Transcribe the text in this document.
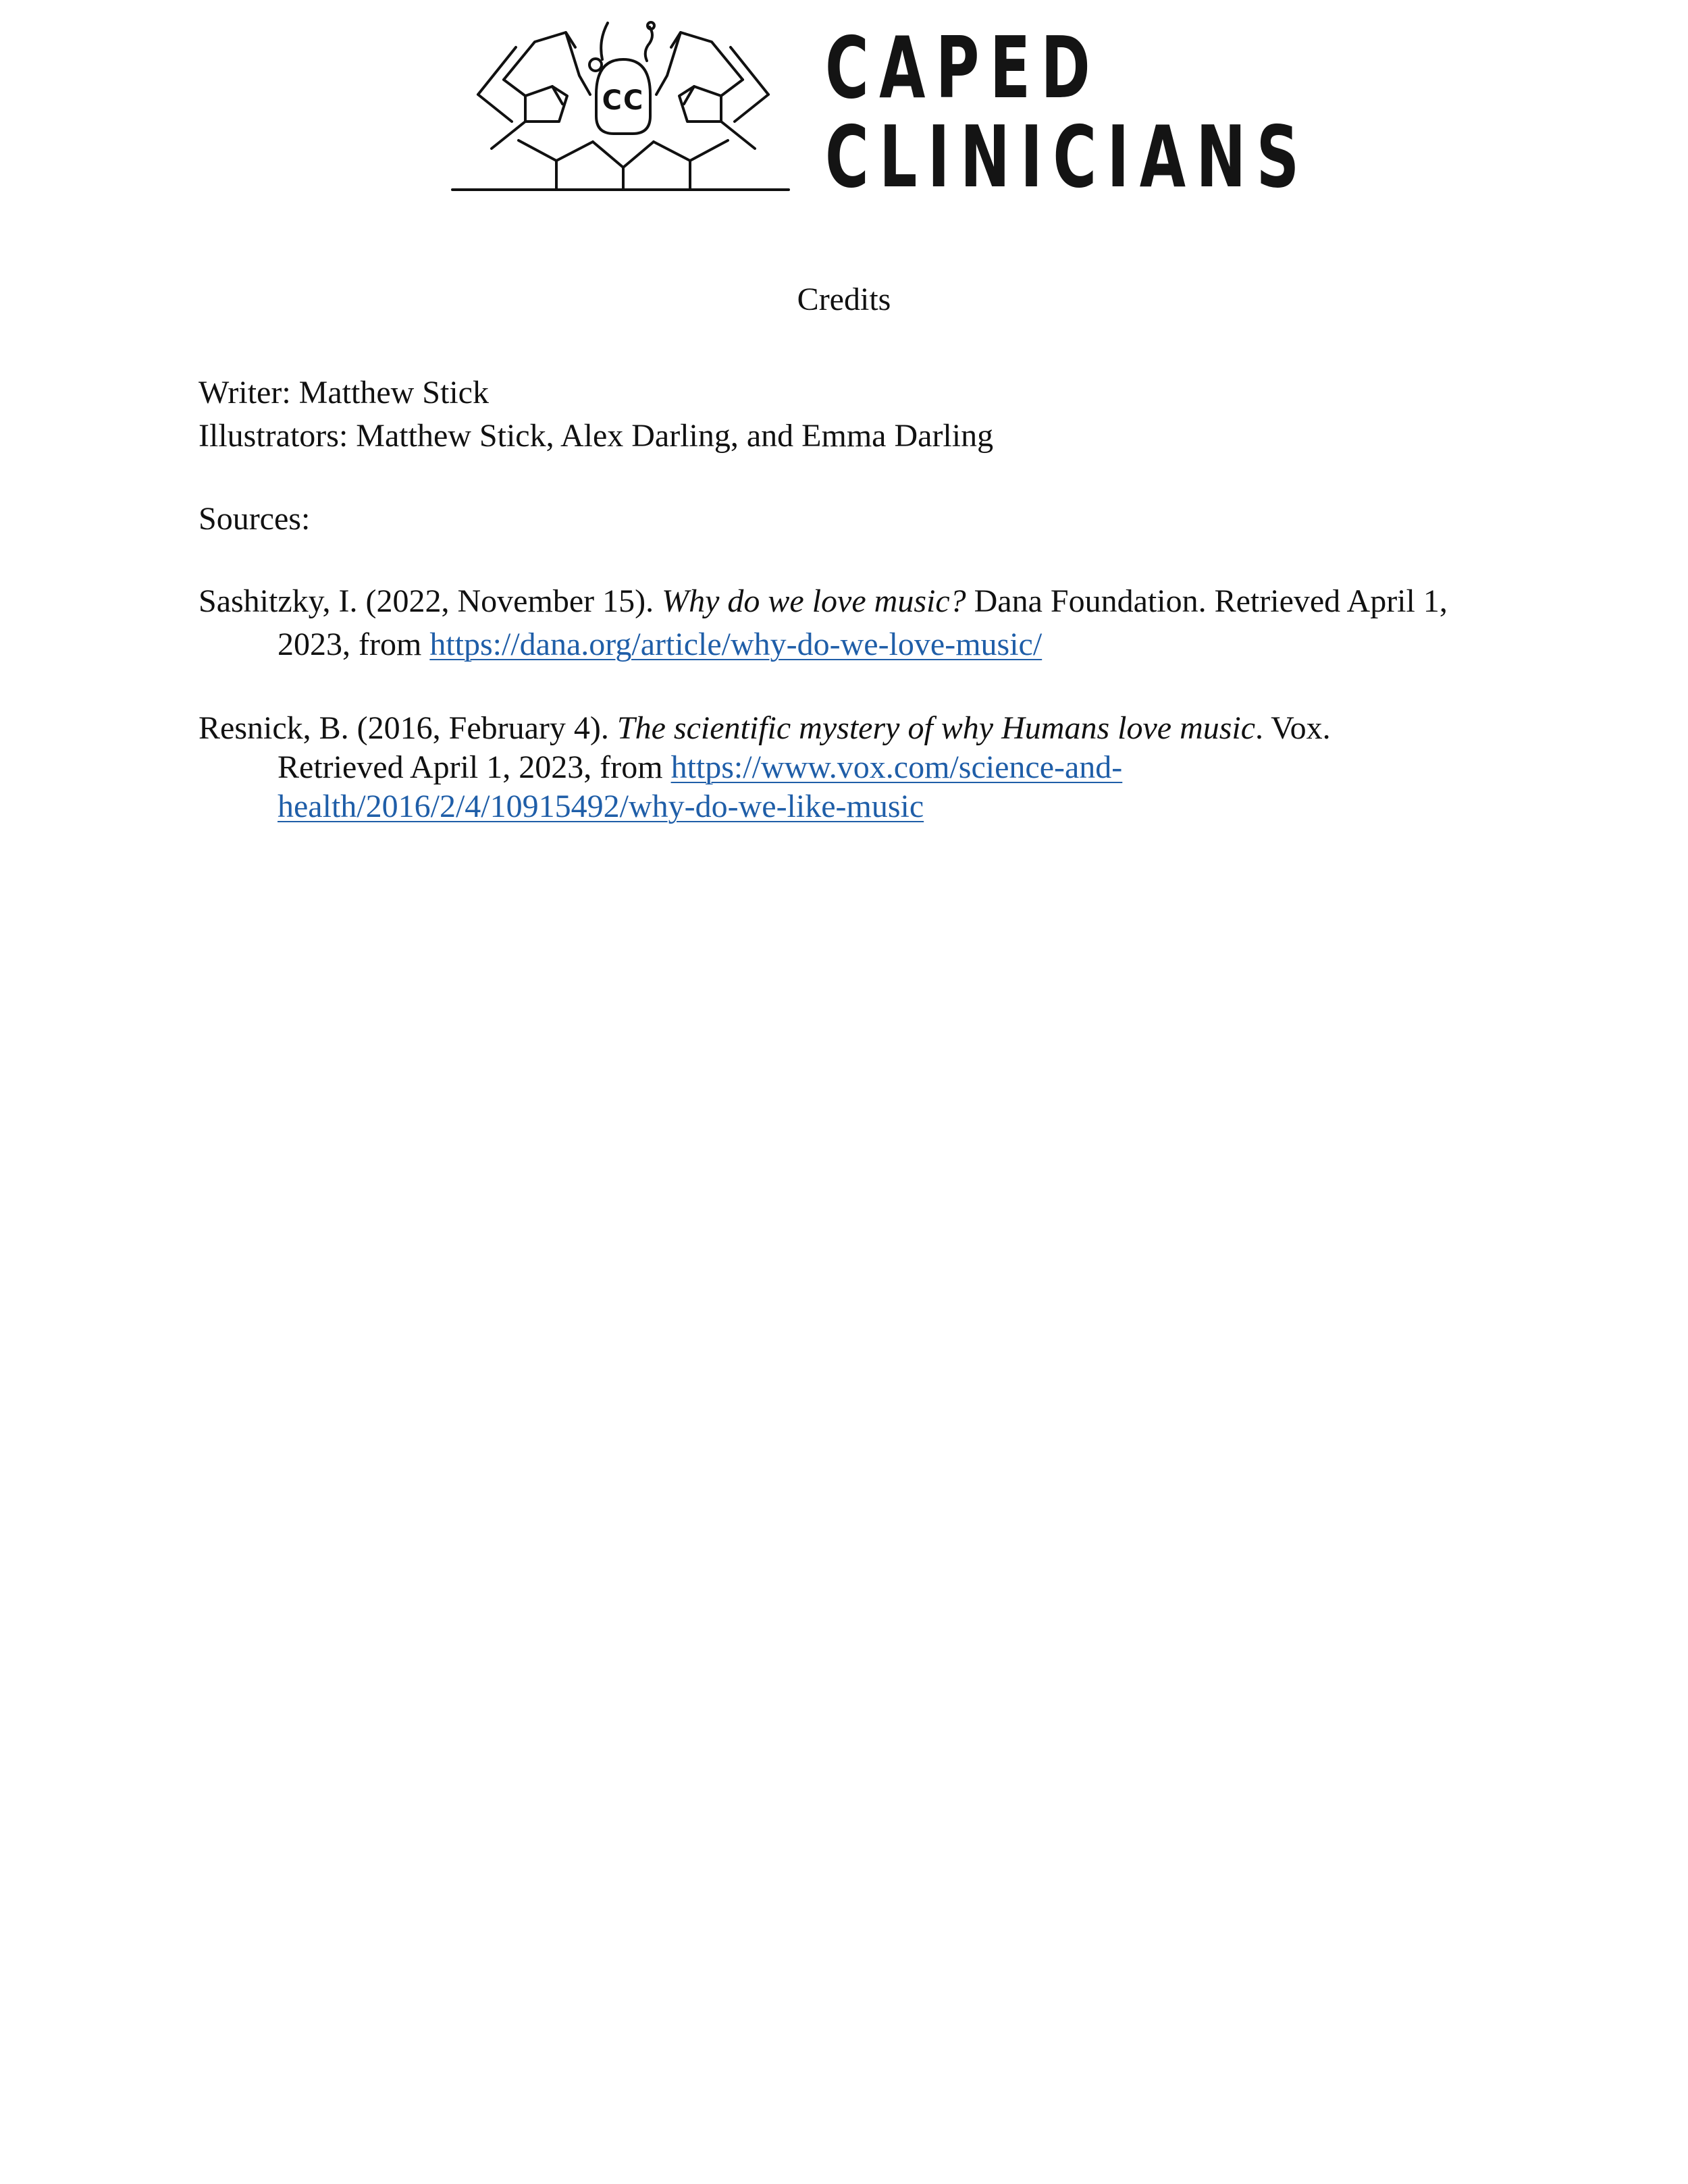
CC CAPED
CLINICIANS
Credits

Writer: Matthew Stick

Illustrators: Matthew Stick, Alex Darling, and Emma Darling

Sources:

Sashitzky, I. (2022, November 15). Why do we love music? Dana Foundation. Retrieved April 1,
2023, from https://dana.org/article/why-do-we-love-music/
Resnick, B. (2016, February 4). The scientific mystery of why Humans love music. Vox.
Retrieved April 1, 2023, from https://www.vox.com/science-and-
health/2016/2/4/10915492/why-do-we-like-music
